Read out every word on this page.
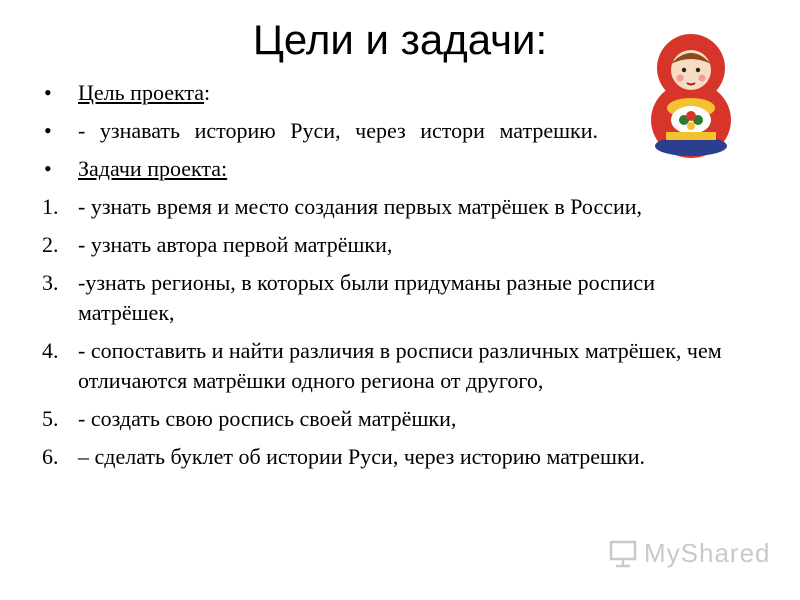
Цели и задачи:
• Цель проекта:
• - узнавать историю Руси, через истори матрешки.
• Задачи проекта:
1. - узнать время и место создания первых матрёшек в России,
2. - узнать автора первой матрёшки,
3. -узнать регионы, в которых были придуманы разные росписи матрёшек,
4. - сопоставить и найти различия в росписи различных матрёшек, чем отличаются матрёшки одного региона от другого,
5. - создать свою роспись своей матрёшки,
6. – сделать буклет об истории Руси, через историю матрешки.
MyShared
